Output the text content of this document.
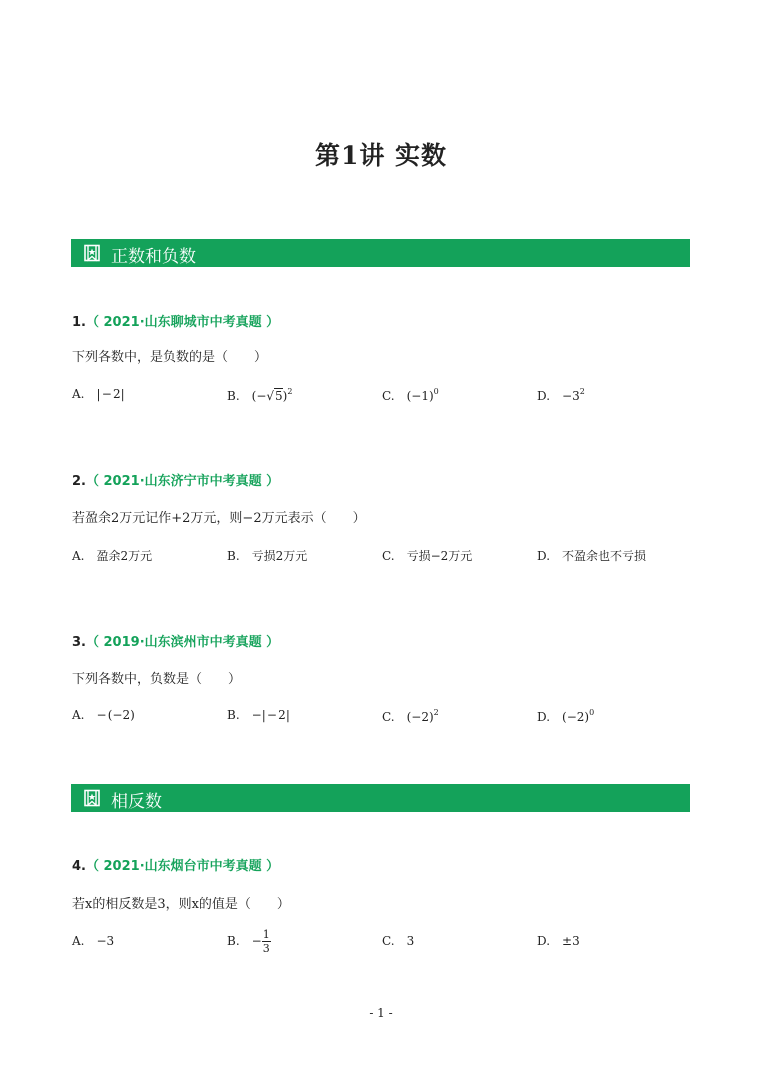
第1讲 实数
正数和负数
1.（ 2021·山东聊城市中考真题 ）
下列各数中，是负数的是（　　）
A. | − 2|	B. $(-√5)^2$	C. $(-1)^0$	D. $-3^2$
2.（ 2021·山东济宁市中考真题 ）
若盈余2万元记作+2万元，则−2万元表示（　　）
A. 盈余2万元	B. 亏损2万元	C. 亏损−2万元	D. 不盈余也不亏损
3.（ 2019·山东滨州市中考真题 ）
下列各数中，负数是（　　）
A. − (−2)	B. −| − 2|	C. $(-2)^2$	D. $(-2)^0$
相反数
4.（ 2021·山东烟台市中考真题 ）
若x的相反数是3，则x的值是（　　）
A. −3	B. − $\frac{1}{3}$	C. 3	D. ±3
- 1 -
